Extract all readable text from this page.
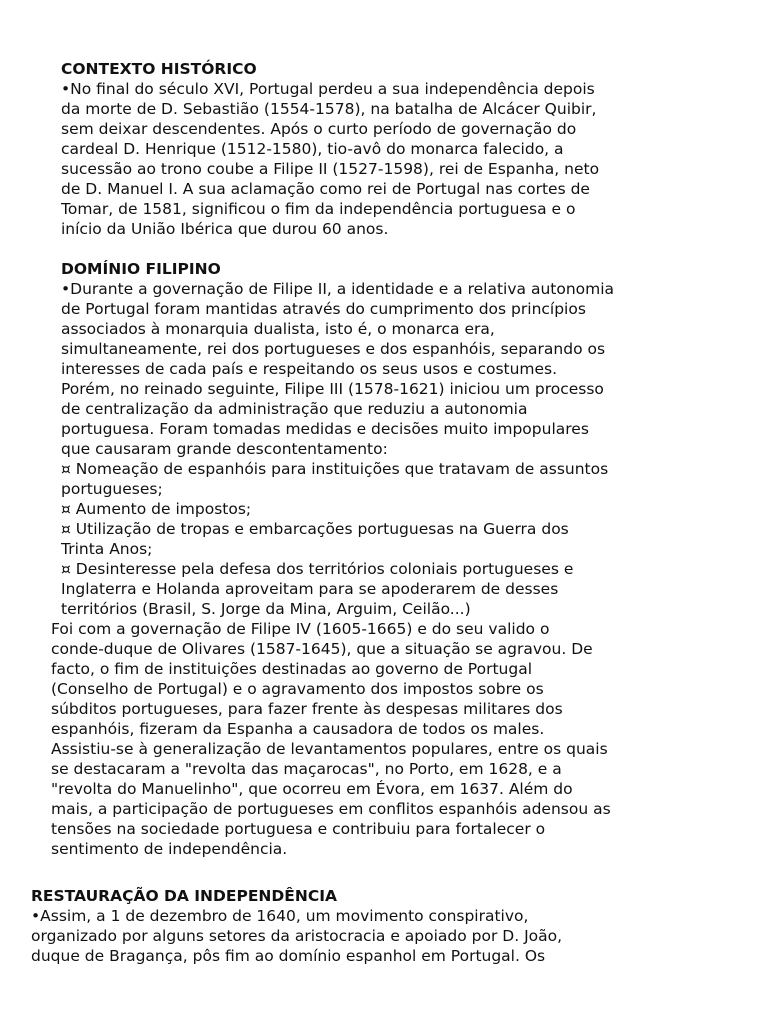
CONTEXTO HISTÓRICO
•No final do século XVI, Portugal perdeu a sua independência depois
da morte de D. Sebastião (1554-1578), na batalha de Alcácer Quibir,
sem deixar descendentes. Após o curto período de governação do
cardeal D. Henrique (1512-1580), tio-avô do monarca falecido, a
sucessão ao trono coube a Filipe II (1527-1598), rei de Espanha, neto
de D. Manuel I. A sua aclamação como rei de Portugal nas cortes de
Tomar, de 1581, significou o fim da independência portuguesa e o
início da União Ibérica que durou 60 anos.
DOMÍNIO FILIPINO
•Durante a governação de Filipe II, a identidade e a relativa autonomia
de Portugal foram mantidas através do cumprimento dos princípios
associados à monarquia dualista, isto é, o monarca era,
simultaneamente, rei dos portugueses e dos espanhóis, separando os
interesses de cada país e respeitando os seus usos e costumes.
Porém, no reinado seguinte, Filipe III (1578-1621) iniciou um processo
de centralização da administração que reduziu a autonomia
portuguesa. Foram tomadas medidas e decisões muito impopulares
que causaram grande descontentamento:
¤ Nomeação de espanhóis para instituições que tratavam de assuntos
portugueses;
¤ Aumento de impostos;
¤ Utilização de tropas e embarcações portuguesas na Guerra dos
Trinta Anos;
¤ Desinteresse pela defesa dos territórios coloniais portugueses e
Inglaterra e Holanda aproveitam para se apoderarem de desses
territórios (Brasil, S. Jorge da Mina, Arguim, Ceilão...)
Foi com a governação de Filipe IV (1605-1665) e do seu valido o
conde-duque de Olivares (1587-1645), que a situação se agravou. De
facto, o fim de instituições destinadas ao governo de Portugal
(Conselho de Portugal) e o agravamento dos impostos sobre os
súbditos portugueses, para fazer frente às despesas militares dos
espanhóis, fizeram da Espanha a causadora de todos os males.
Assistiu-se à generalização de levantamentos populares, entre os quais
se destacaram a "revolta das maçarocas", no Porto, em 1628, e a
"revolta do Manuelinho", que ocorreu em Évora, em 1637. Além do
mais, a participação de portugueses em conflitos espanhóis adensou as
tensões na sociedade portuguesa e contribuiu para fortalecer o
sentimento de independência.
RESTAURAÇÃO DA INDEPENDÊNCIA
•Assim, a 1 de dezembro de 1640, um movimento conspirativo,
organizado por alguns setores da aristocracia e apoiado por D. João,
duque de Bragança, pôs fim ao domínio espanhol em Portugal. Os
